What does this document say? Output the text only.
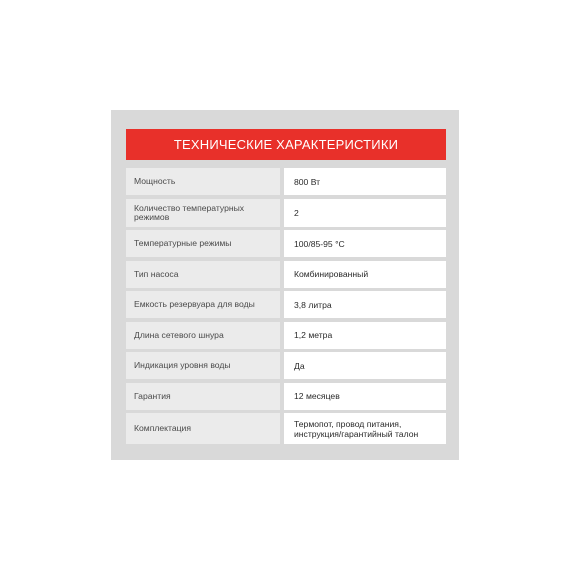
ТЕХНИЧЕСКИЕ ХАРАКТЕРИСТИКИ
Мощность	800 Вт
Количество температурных режимов	2
Температурные режимы	100/85-95 °C
Тип насоса	Комбинированный
Емкость резервуара для воды	3,8 литра
Длина сетевого шнура	1,2 метра
Индикация уровня воды	Да
Гарантия	12 месяцев
Комплектация	Термопот, провод питания, инструкция/гарантийный талон
